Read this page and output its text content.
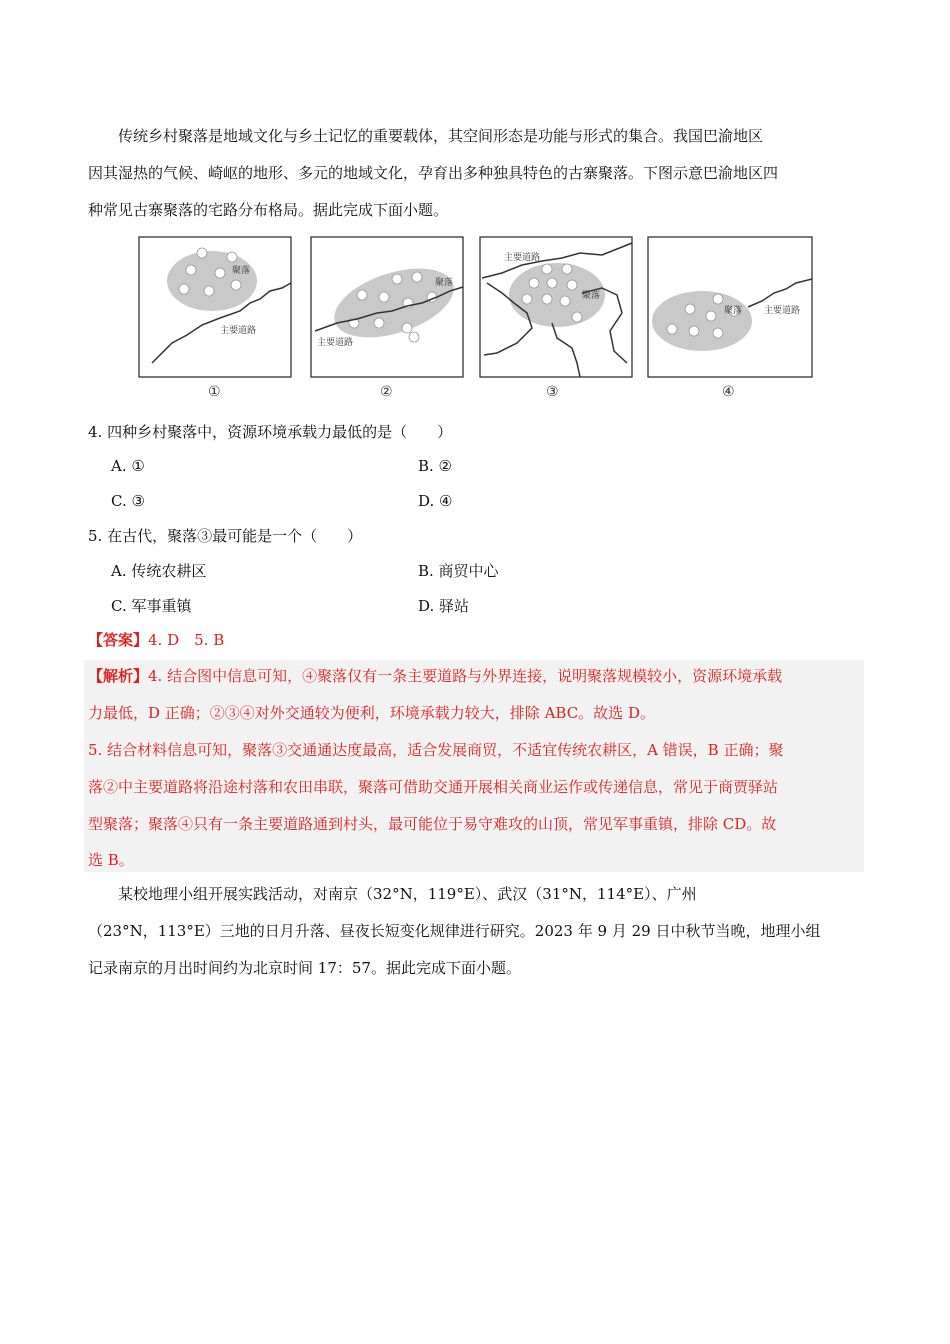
传统乡村聚落是地域文化与乡土记忆的重要载体，其空间形态是功能与形式的集合。我国巴渝地区
因其湿热的气候、崎岖的地形、多元的地域文化，孕育出多种独具特色的古寨聚落。下图示意巴渝地区四
种常见古寨聚落的宅路分布格局。据此完成下面小题。
聚落
主要道路
①
聚落
主要道路
②
主要道路
聚落
③
聚落 主要道路
④
4. 四种乡村聚落中，资源环境承载力最低的是（　　）
A. ①	B. ②
C. ③	D. ④
5. 在古代，聚落③最可能是一个（　　）
A. 传统农耕区	B. 商贸中心
C. 军事重镇	D. 驿站
【答案】4. D　5. B
【解析】4. 结合图中信息可知，④聚落仅有一条主要道路与外界连接，说明聚落规模较小，资源环境承载
力最低，D 正确；②③④对外交通较为便利，环境承载力较大，排除 ABC。故选 D。
5. 结合材料信息可知，聚落③交通通达度最高，适合发展商贸，不适宜传统农耕区，A 错误，B 正确；聚
落②中主要道路将沿途村落和农田串联，聚落可借助交通开展相关商业运作或传递信息，常见于商贾驿站
型聚落；聚落④只有一条主要道路通到村头，最可能位于易守难攻的山顶，常见军事重镇，排除 CD。故
选 B。
某校地理小组开展实践活动，对南京（32°N，119°E）、武汉（31°N，114°E）、广州
（23°N，113°E）三地的日月升落、昼夜长短变化规律进行研究。2023 年 9 月 29 日中秋节当晚，地理小组
记录南京的月出时间约为北京时间 17：57。据此完成下面小题。
